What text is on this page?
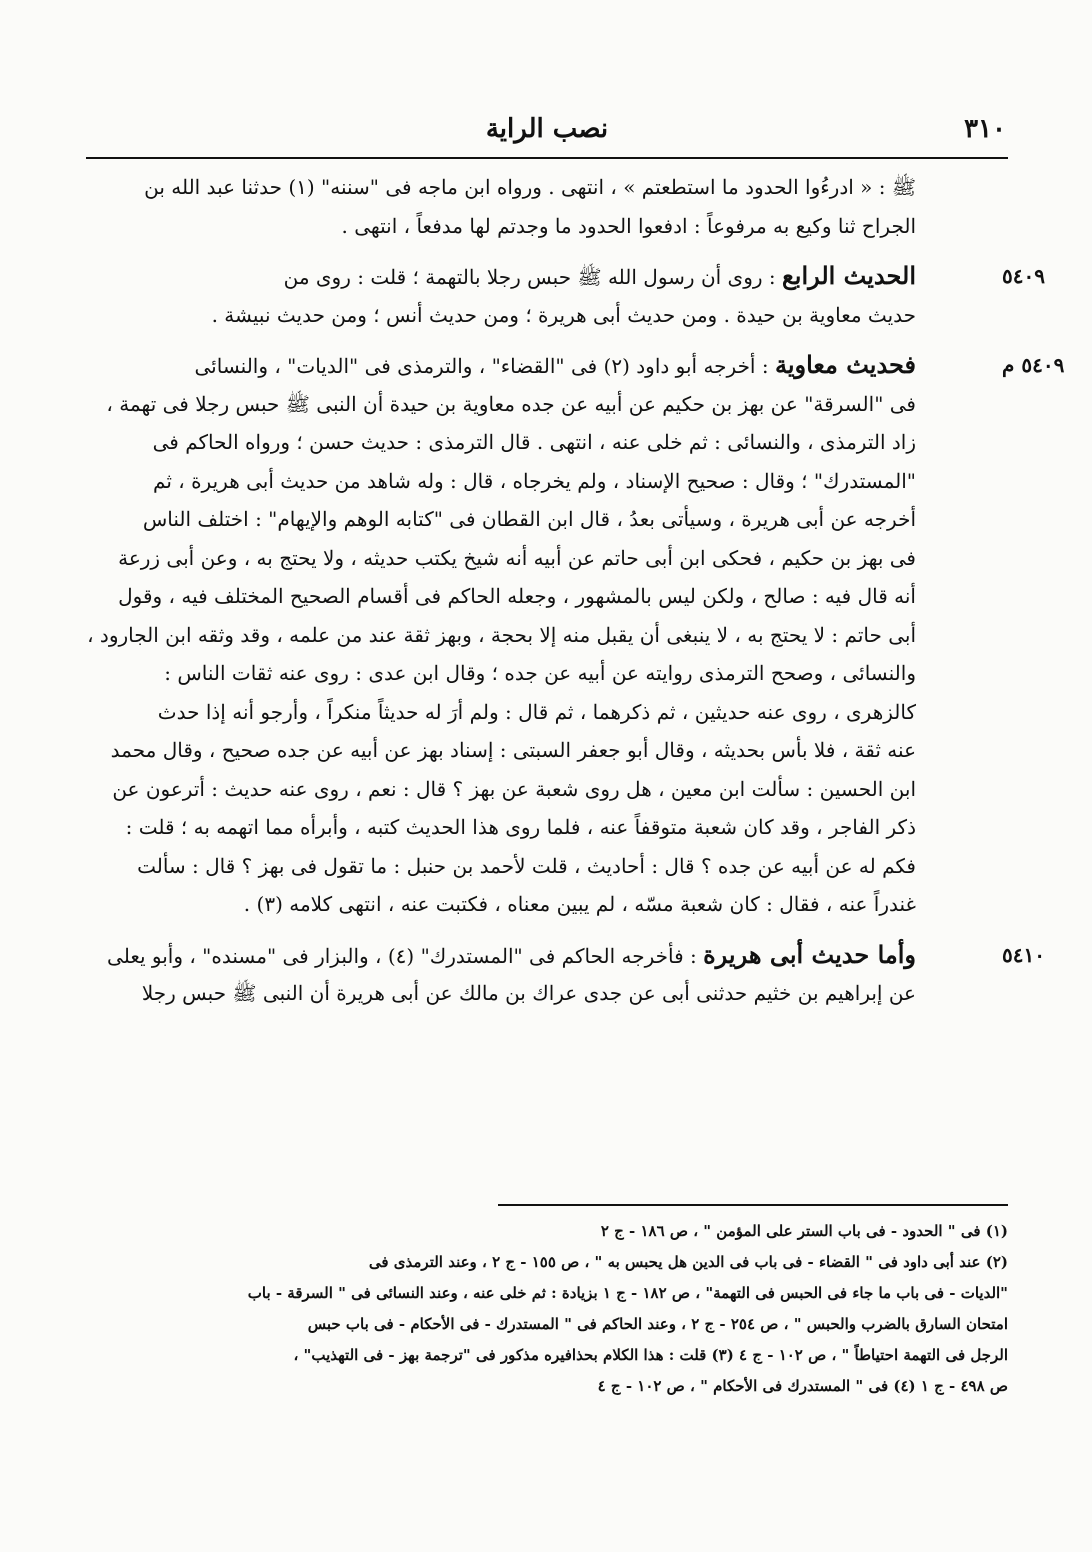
نصب الراية	٣١٠
ﷺ : « ادرءُوا الحدود ما استطعتم » ، انتهى . ورواه ابن ماجه فى "سننه" (١) حدثنا عبد الله بن
الجراح ثنا وكيع به مرفوعاً : ادفعوا الحدود ما وجدتم لها مدفعاً ، انتهى .
٥٤٠٩
الحديث الرابع : روى أن رسول الله ﷺ حبس رجلا بالتهمة ؛ قلت : روى من
حديث معاوية بن حيدة . ومن حديث أبى هريرة ؛ ومن حديث أنس ؛ ومن حديث نبيشة .
٥٤٠٩ م
فحديث معاوية : أخرجه أبو داود (٢) فى "القضاء" ، والترمذى فى "الديات" ، والنسائى
فى "السرقة" عن بهز بن حكيم عن أبيه عن جده معاوية بن حيدة أن النبى ﷺ حبس رجلا فى تهمة ،
زاد الترمذى ، والنسائى : ثم خلى عنه ، انتهى . قال الترمذى : حديث حسن ؛ ورواه الحاكم فى
"المستدرك" ؛ وقال : صحيح الإسناد ، ولم يخرجاه ، قال : وله شاهد من حديث أبى هريرة ، ثم
أخرجه عن أبى هريرة ، وسيأتى بعدُ ، قال ابن القطان فى "كتابه الوهم والإيهام" : اختلف الناس
فى بهز بن حكيم ، فحكى ابن أبى حاتم عن أبيه أنه شيخ يكتب حديثه ، ولا يحتج به ، وعن أبى زرعة
أنه قال فيه : صالح ، ولكن ليس بالمشهور ، وجعله الحاكم فى أقسام الصحيح المختلف فيه ، وقول
أبى حاتم : لا يحتج به ، لا ينبغى أن يقبل منه إلا بحجة ، وبهز ثقة عند من علمه ، وقد وثقه ابن الجارود ،
والنسائى ، وصحح الترمذى روايته عن أبيه عن جده ؛ وقال ابن عدى : روى عنه ثقات الناس :
كالزهرى ، روى عنه حديثين ، ثم ذكرهما ، ثم قال : ولم أرَ له حديثاً منكراً ، وأرجو أنه إذا حدث
عنه ثقة ، فلا بأس بحديثه ، وقال أبو جعفر السبتى : إسناد بهز عن أبيه عن جده صحيح ، وقال محمد
ابن الحسين : سألت ابن معين ، هل روى شعبة عن بهز ؟ قال : نعم ، روى عنه حديث : أترعون عن
ذكر الفاجر ، وقد كان شعبة متوقفاً عنه ، فلما روى هذا الحديث كتبه ، وأبرأه مما اتهمه به ؛ قلت :
فكم له عن أبيه عن جده ؟ قال : أحاديث ، قلت لأحمد بن حنبل : ما تقول فى بهز ؟ قال : سألت
غندراً عنه ، فقال : كان شعبة مسّه ، لم يبين معناه ، فكتبت عنه ، انتهى كلامه (٣) .
٥٤١٠
وأما حديث أبى هريرة : فأخرجه الحاكم فى "المستدرك" (٤) ، والبزار فى "مسنده" ، وأبو يعلى
عن إبراهيم بن خثيم حدثنى أبى عن جدى عراك بن مالك عن أبى هريرة أن النبى ﷺ حبس رجلا
(١) فى " الحدود - فى باب الستر على المؤمن " ، ص ١٨٦ - ج ٢
(٢) عند أبى داود فى " القضاء - فى باب فى الدين هل يحبس به " ، ص ١٥٥ - ج ٢ ، وعند الترمذى فى
"الديات - فى باب ما جاء فى الحبس فى التهمة" ، ص ١٨٢ - ج ١ بزيادة : ثم خلى عنه ، وعند النسائى فى " السرقة - باب
امتحان السارق بالضرب والحبس " ، ص ٢٥٤ - ج ٢ ، وعند الحاكم فى " المستدرك - فى الأحكام - فى باب حبس
الرجل فى التهمة احتياطاً " ، ص ١٠٢ - ج ٤ (٣) قلت : هذا الكلام بحذافيره مذكور فى "ترجمة بهز - فى التهذيب" ،
ص ٤٩٨ - ج ١ (٤) فى " المستدرك فى الأحكام " ، ص ١٠٢ - ج ٤
